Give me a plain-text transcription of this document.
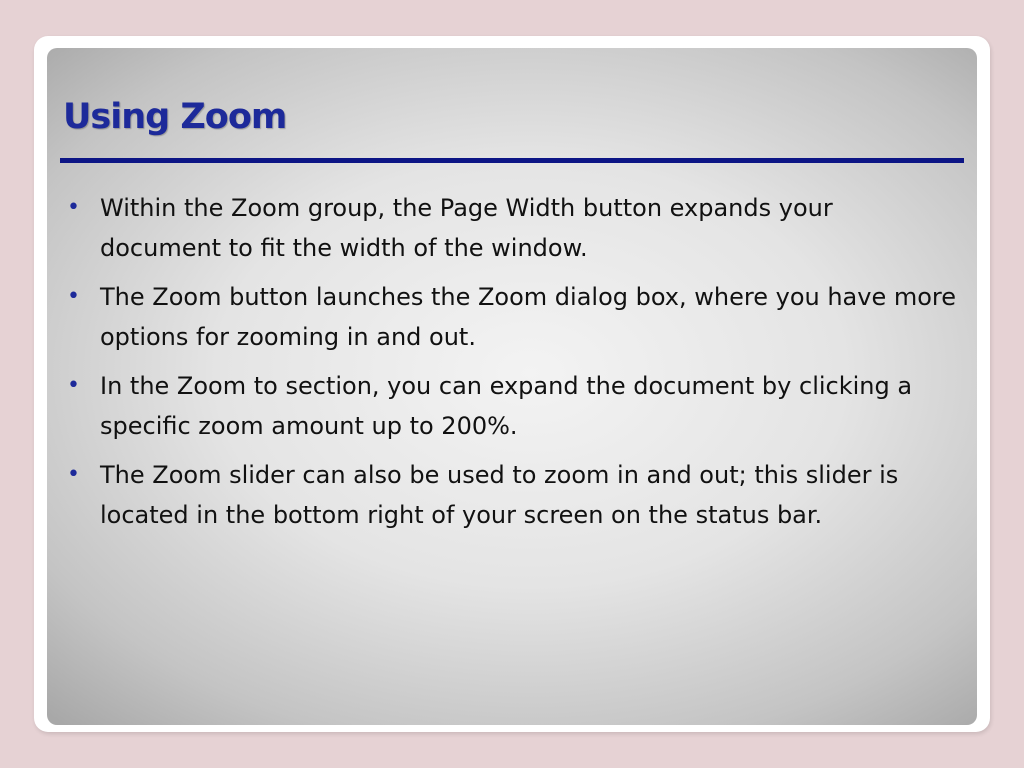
Using Zoom
• Within the Zoom group, the Page Width button expands your document to fit the width of the window.
• The Zoom button launches the Zoom dialog box, where you have more options for zooming in and out.
• In the Zoom to section, you can expand the document by clicking a specific zoom amount up to 200%.
• The Zoom slider can also be used to zoom in and out; this slider is located in the bottom right of your screen on the status bar.
